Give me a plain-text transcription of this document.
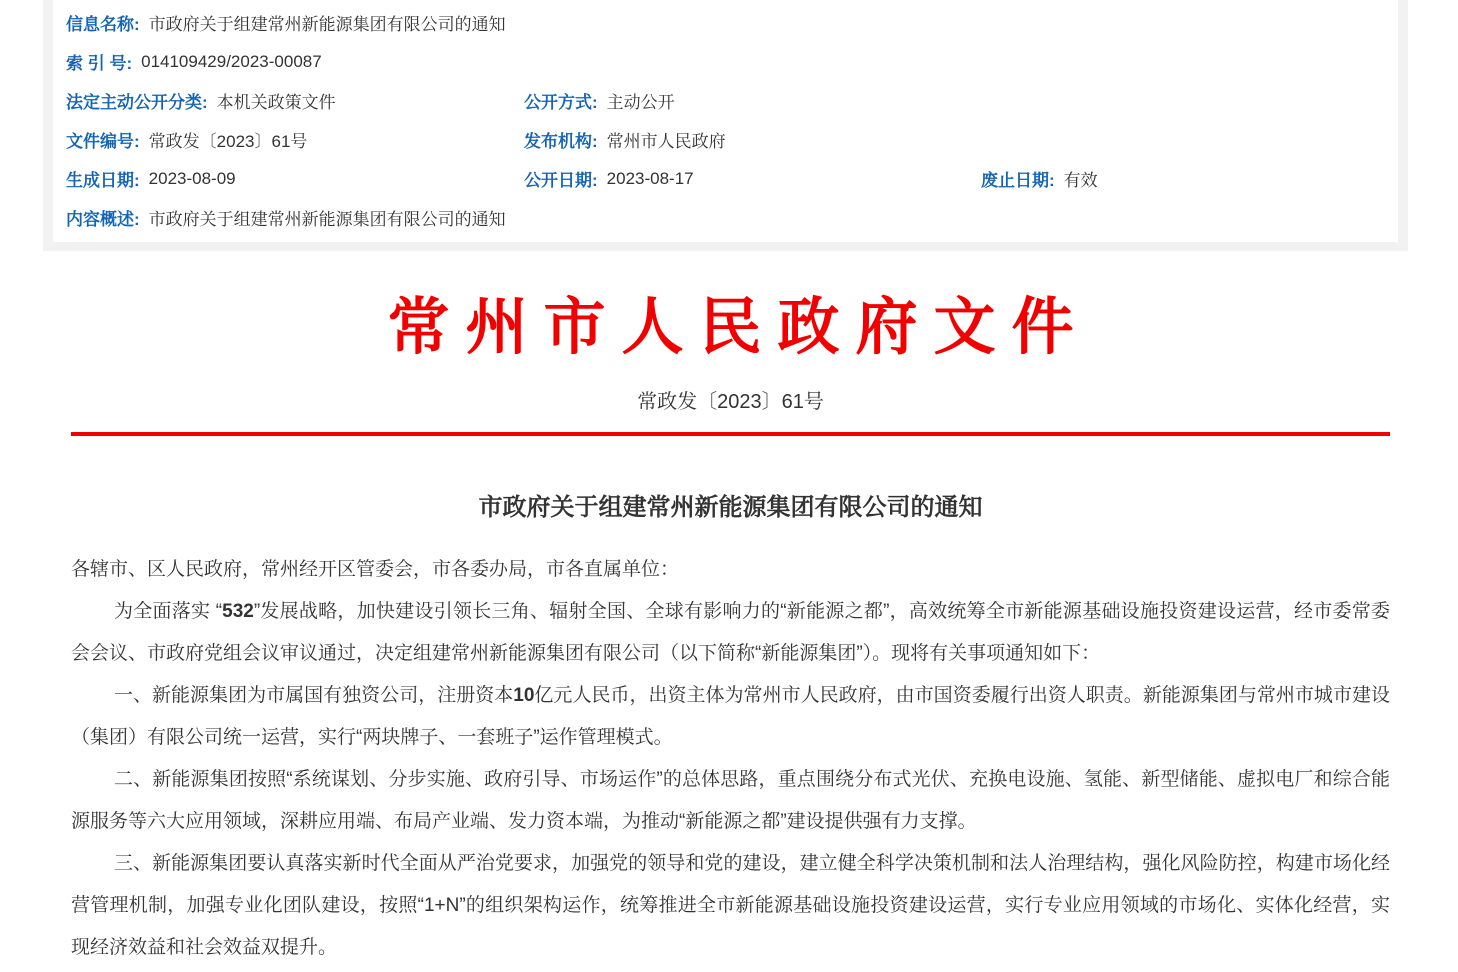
信息名称: 市政府关于组建常州新能源集团有限公司的通知
索 引 号: 014109429/2023-00087
法定主动公开分类: 本机关政策文件	公开方式: 主动公开
文件编号: 常政发〔2023〕61号	发布机构: 常州市人民政府
生成日期: 2023-08-09	公开日期: 2023-08-17	废止日期: 有效
内容概述: 市政府关于组建常州新能源集团有限公司的通知
常州市人民政府文件
常政发〔2023〕61号
市政府关于组建常州新能源集团有限公司的通知

各辖市、区人民政府，常州经开区管委会，市各委办局，市各直属单位：

为全面落实 “532”发展战略，加快建设引领长三角、辐射全国、全球有影响力的“新能源之都”，高效统筹全市新能源基础设施投资建设运营，经市委常委会会议、市政府党组会议审议通过，决定组建常州新能源集团有限公司（以下简称“新能源集团”）。现将有关事项通知如下：

一、新能源集团为市属国有独资公司，注册资本10亿元人民币，出资主体为常州市人民政府，由市国资委履行出资人职责。新能源集团与常州市城市建设（集团）有限公司统一运营，实行“两块牌子、一套班子”运作管理模式。

二、新能源集团按照“系统谋划、分步实施、政府引导、市场运作”的总体思路，重点围绕分布式光伏、充换电设施、氢能、新型储能、虚拟电厂和综合能源服务等六大应用领域，深耕应用端、布局产业端、发力资本端，为推动“新能源之都”建设提供强有力支撑。

三、新能源集团要认真落实新时代全面从严治党要求，加强党的领导和党的建设，建立健全科学决策机制和法人治理结构，强化风险防控，构建市场化经营管理机制，加强专业化团队建设，按照“1+N”的组织架构运作，统筹推进全市新能源基础设施投资建设运营，实行专业应用领域的市场化、实体化经营，实现经济效益和社会效益双提升。
